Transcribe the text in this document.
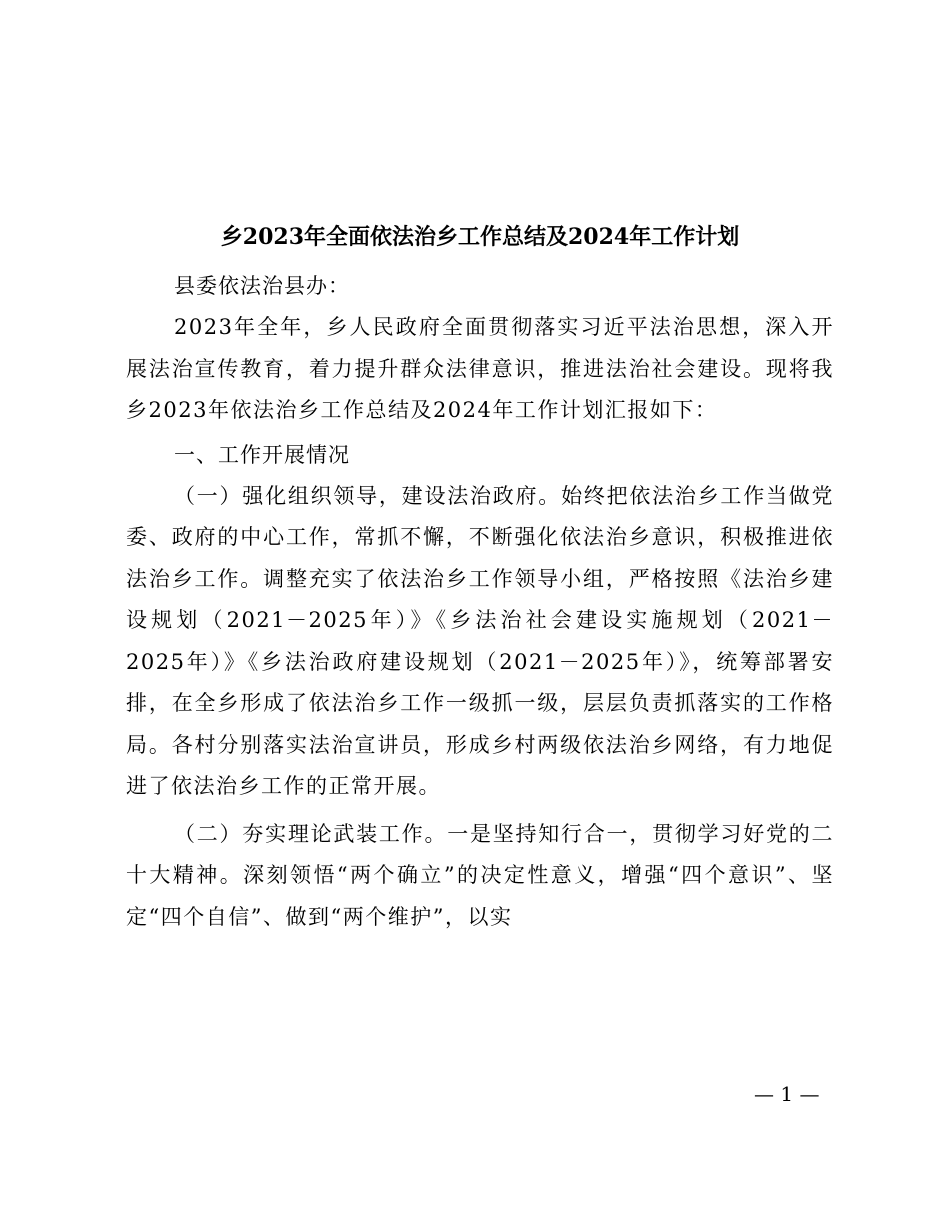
乡2023年全面依法治乡工作总结及2024年工作计划

县委依法治县办：

2023年全年，乡人民政府全面贯彻落实习近平法治思想，深入开展法治宣传教育，着力提升群众法律意识，推进法治社会建设。现将我乡2023年依法治乡工作总结及2024年工作计划汇报如下：

一、工作开展情况

（一）强化组织领导，建设法治政府。始终把依法治乡工作当做党委、政府的中心工作，常抓不懈，不断强化依法治乡意识，积极推进依法治乡工作。调整充实了依法治乡工作领导小组，严格按照《法治乡建设规划（2021－2025年）》《乡法治社会建设实施规划（2021－2025年）》《乡法治政府建设规划（2021－2025年）》，统筹部署安排，在全乡形成了依法治乡工作一级抓一级，层层负责抓落实的工作格局。各村分别落实法治宣讲员，形成乡村两级依法治乡网络，有力地促进了依法治乡工作的正常开展。

（二）夯实理论武装工作。一是坚持知行合一，贯彻学习好党的二十大精神。深刻领悟“两个确立”的决定性意义，增强“四个意识”、坚定“四个自信”、做到“两个维护”，以实

— 1 —
